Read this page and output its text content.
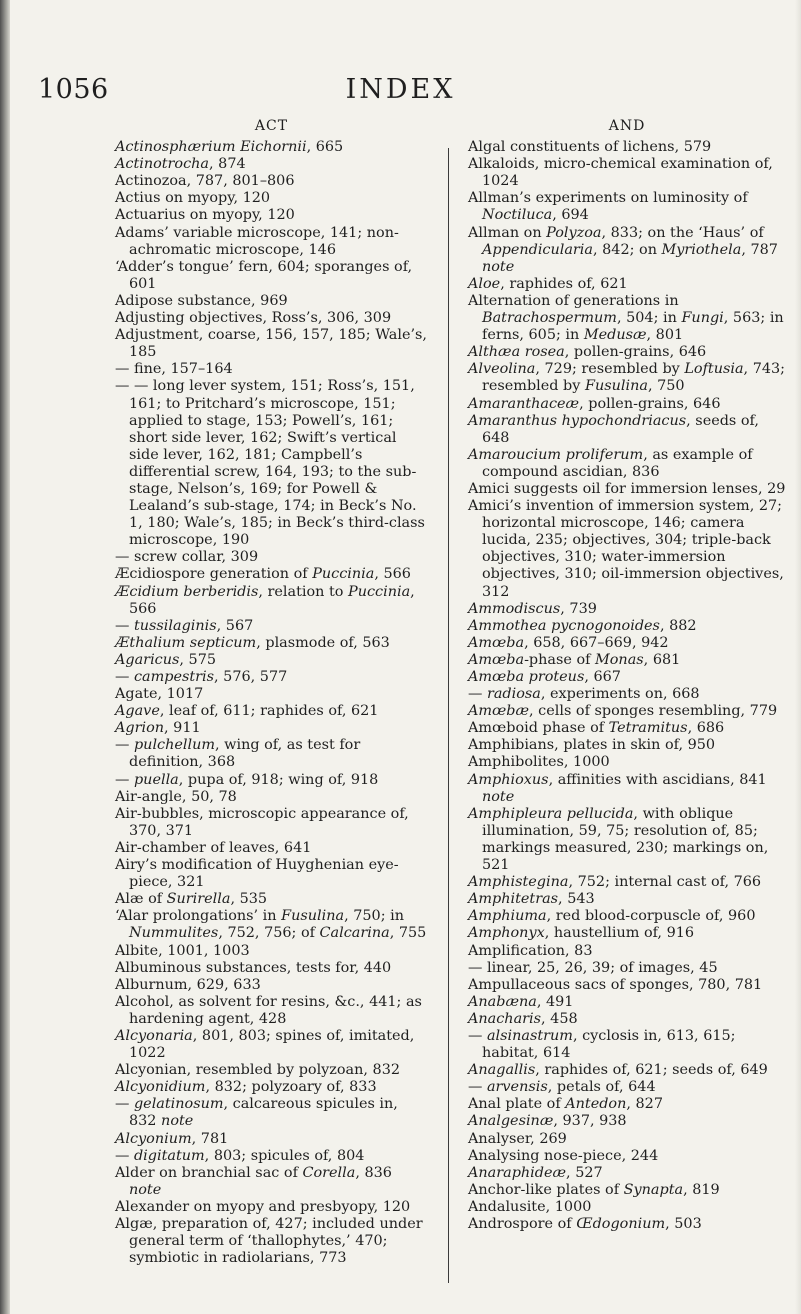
1056	INDEX
ACT
Actinosphærium Eichornii, 665
Actinotrocha, 874
Actinozoa, 787, 801–806
Actius on myopy, 120
Actuarius on myopy, 120
Adams’ variable microscope, 141; non-achromatic microscope, 146
‘Adder’s tongue’ fern, 604; sporanges of, 601
Adipose substance, 969
Adjusting objectives, Ross’s, 306, 309
Adjustment, coarse, 156, 157, 185; Wale’s, 185
— fine, 157–164
— — long lever system, 151; Ross’s, 151, 161; to Pritchard’s microscope, 151; applied to stage, 153; Powell’s, 161; short side lever, 162; Swift’s vertical side lever, 162, 181; Campbell’s differential screw, 164, 193; to the sub-stage, Nelson’s, 169; for Powell & Lealand’s sub-stage, 174; in Beck’s No. 1, 180; Wale’s, 185; in Beck’s third-class microscope, 190
— screw collar, 309
Æcidiospore generation of Puccinia, 566
Æcidium berberidis, relation to Puccinia, 566
— tussilaginis, 567
Æthalium septicum, plasmode of, 563
Agaricus, 575
— campestris, 576, 577
Agate, 1017
Agave, leaf of, 611; raphides of, 621
Agrion, 911
— pulchellum, wing of, as test for definition, 368
— puella, pupa of, 918; wing of, 918
Air-angle, 50, 78
Air-bubbles, microscopic appearance of, 370, 371
Air-chamber of leaves, 641
Airy’s modification of Huyghenian eye-piece, 321
Alæ of Surirella, 535
‘Alar prolongations’ in Fusulina, 750; in Nummulites, 752, 756; of Calcarina, 755
Albite, 1001, 1003
Albuminous substances, tests for, 440
Alburnum, 629, 633
Alcohol, as solvent for resins, &c., 441; as hardening agent, 428
Alcyonaria, 801, 803; spines of, imitated, 1022
Alcyonian, resembled by polyzoan, 832
Alcyonidium, 832; polyzoary of, 833
— gelatinosum, calcareous spicules in, 832 note
Alcyonium, 781
— digitatum, 803; spicules of, 804
Alder on branchial sac of Corella, 836 note
Alexander on myopy and presbyopy, 120
Algæ, preparation of, 427; included under general term of ‘thallophytes,’ 470; symbiotic in radiolarians, 773
AND
Algal constituents of lichens, 579
Alkaloids, micro-chemical examination of, 1024
Allman’s experiments on luminosity of Noctiluca, 694
Allman on Polyzoa, 833; on the ‘Haus’ of Appendicularia, 842; on Myriothela, 787 note
Aloe, raphides of, 621
Alternation of generations in Batrachospermum, 504; in Fungi, 563; in ferns, 605; in Medusæ, 801
Althæa rosea, pollen-grains, 646
Alveolina, 729; resembled by Loftusia, 743; resembled by Fusulina, 750
Amaranthaceæ, pollen-grains, 646
Amaranthus hypochondriacus, seeds of, 648
Amaroucium proliferum, as example of compound ascidian, 836
Amici suggests oil for immersion lenses, 29
Amici’s invention of immersion system, 27; horizontal microscope, 146; camera lucida, 235; objectives, 304; triple-back objectives, 310; water-immersion objectives, 310; oil-immersion objectives, 312
Ammodiscus, 739
Ammothea pycnogonoides, 882
Amœba, 658, 667–669, 942
Amœba-phase of Monas, 681
Amœba proteus, 667
— radiosa, experiments on, 668
Amœbæ, cells of sponges resembling, 779
Amœboid phase of Tetramitus, 686
Amphibians, plates in skin of, 950
Amphibolites, 1000
Amphioxus, affinities with ascidians, 841 note
Amphipleura pellucida, with oblique illumination, 59, 75; resolution of, 85; markings measured, 230; markings on, 521
Amphistegina, 752; internal cast of, 766
Amphitetras, 543
Amphiuma, red blood-corpuscle of, 960
Amphonyx, haustellium of, 916
Amplification, 83
— linear, 25, 26, 39; of images, 45
Ampullaceous sacs of sponges, 780, 781
Anabæna, 491
Anacharis, 458
— alsinastrum, cyclosis in, 613, 615; habitat, 614
Anagallis, raphides of, 621; seeds of, 649
— arvensis, petals of, 644
Anal plate of Antedon, 827
Analgesinæ, 937, 938
Analyser, 269
Analysing nose-piece, 244
Anaraphideæ, 527
Anchor-like plates of Synapta, 819
Andalusite, 1000
Androspore of Œdogonium, 503
